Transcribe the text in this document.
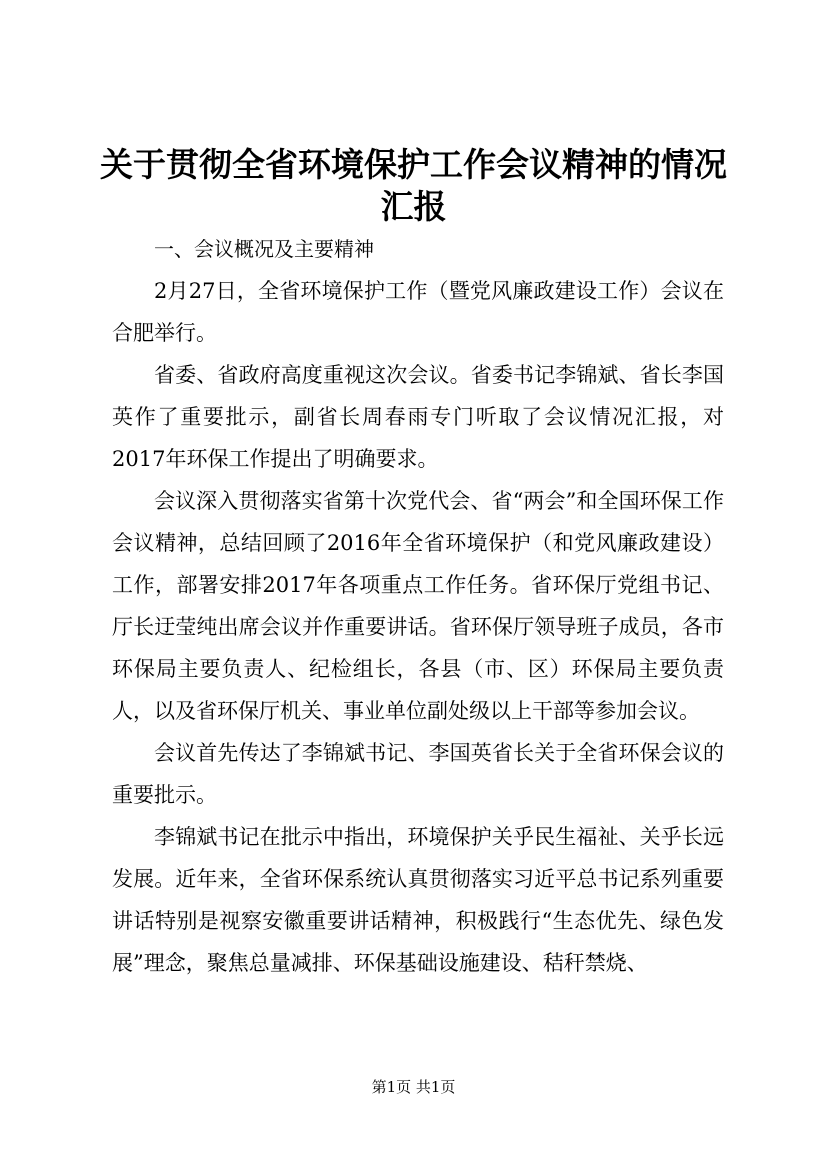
关于贯彻全省环境保护工作会议精神的情况汇报

一、会议概况及主要精神

2月27日，全省环境保护工作（暨党风廉政建设工作）会议在合肥举行。

省委、省政府高度重视这次会议。省委书记李锦斌、省长李国英作了重要批示，副省长周春雨专门听取了会议情况汇报，对2017年环保工作提出了明确要求。

会议深入贯彻落实省第十次党代会、省“两会”和全国环保工作会议精神，总结回顾了2016年全省环境保护（和党风廉政建设）工作，部署安排2017年各项重点工作任务。省环保厅党组书记、厅长迂莹纯出席会议并作重要讲话。省环保厅领导班子成员，各市环保局主要负责人、纪检组长，各县（市、区）环保局主要负责人，以及省环保厅机关、事业单位副处级以上干部等参加会议。

会议首先传达了李锦斌书记、李国英省长关于全省环保会议的重要批示。

李锦斌书记在批示中指出，环境保护关乎民生福祉、关乎长远发展。近年来，全省环保系统认真贯彻落实习近平总书记系列重要讲话特别是视察安徽重要讲话精神，积极践行“生态优先、绿色发展”理念，聚焦总量减排、环保基础设施建设、秸秆禁烧、

第1页 共1页
